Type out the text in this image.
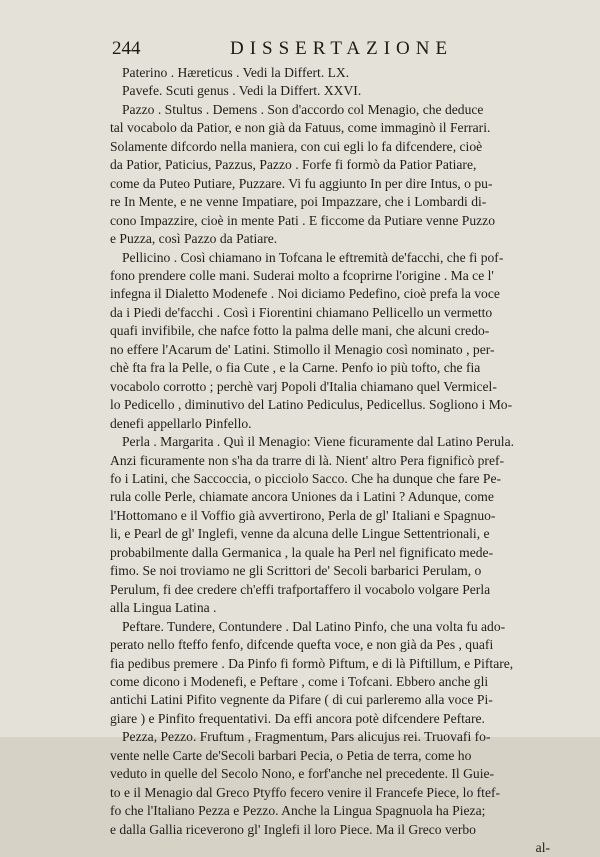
244	DISSERTAZIONE
Paterino . Hæreticus . Vedi la Differt. LX.
Pavefe. Scuti genus . Vedi la Differt. XXVI.
Pazzo . Stultus . Demens . Son d'accordo col Menagio, che deduce
tal vocabolo da Patior, e non già da Fatuus, come immaginò il Ferrari.
Solamente difcordo nella maniera, con cui egli lo fa difcendere, cioè
da Patior, Paticius, Pazzus, Pazzo . Forfe fi formò da Patior Patiare,
come da Puteo Putiare, Puzzare. Vi fu aggiunto In per dire Intus, o pu-
re In Mente, e ne venne Impatiare, poi Impazzare, che i Lombardi di-
cono Impazzire, cioè in mente Pati . E ficcome da Putiare venne Puzzo
e Puzza, così Pazzo da Patiare.
Pellicino . Così chiamano in Tofcana le eftremità de'facchi, che fi pof-
fono prendere colle mani. Suderai molto a fcoprirne l'origine . Ma ce l'
infegna il Dialetto Modenefe . Noi diciamo Pedefino, cioè prefa la voce
da i Piedi de'facchi . Così i Fiorentini chiamano Pellicello un vermetto
quafi invifibile, che nafce fotto la palma delle mani, che alcuni credo-
no effere l'Acarum de' Latini. Stimollo il Menagio così nominato , per-
chè fta fra la Pelle, o fia Cute , e la Carne. Penfo io più tofto, che fia
vocabolo corrotto ; perchè varj Popoli d'Italia chiamano quel Vermicel-
lo Pedicello , diminutivo del Latino Pediculus, Pedicellus. Sogliono i Mo-
denefi appellarlo Pinfello.
Perla . Margarita . Quì il Menagio: Viene ficuramente dal Latino Perula.
Anzi ficuramente non s'ha da trarre di là. Nient' altro Pera fignificò pref-
fo i Latini, che Saccoccia, o picciolo Sacco. Che ha dunque che fare Pe-
rula colle Perle, chiamate ancora Uniones da i Latini ? Adunque, come
l'Hottomano e il Voffio già avvertirono, Perla de gl' Italiani e Spagnuo-
li, e Pearl de gl' Inglefi, venne da alcuna delle Lingue Settentrionali, e
probabilmente dalla Germanica , la quale ha Perl nel fignificato mede-
fimo. Se noi troviamo ne gli Scrittori de' Secoli barbarici Perulam, o
Perulum, fi dee credere ch'effi trafportaffero il vocabolo volgare Perla
alla Lingua Latina .
Peftare. Tundere, Contundere . Dal Latino Pinfo, che una volta fu ado-
perato nello fteffo fenfo, difcende quefta voce, e non già da Pes , quafi
fia pedibus premere . Da Pinfo fi formò Piftum, e di là Piftillum, e Piftare,
come dicono i Modenefi, e Peftare , come i Tofcani. Ebbero anche gli
antichi Latini Pifito vegnente da Pifare ( di cui parleremo alla voce Pi-
giare ) e Pinfito frequentativi. Da effi ancora potè difcendere Peftare.
Pezza, Pezzo. Fruftum , Fragmentum, Pars alicujus rei. Truovafi fo-
vente nelle Carte de'Secoli barbari Pecia, o Petia de terra, come ho
veduto in quelle del Secolo Nono, e forf'anche nel precedente. Il Guie-
to e il Menagio dal Greco Ptyffo fecero venire il Francefe Piece, lo ftef-
fo che l'Italiano Pezza e Pezzo. Anche la Lingua Spagnuola ha Pieza;
e dalla Gallia riceverono gl' Inglefi il loro Piece. Ma il Greco verbo
al-
